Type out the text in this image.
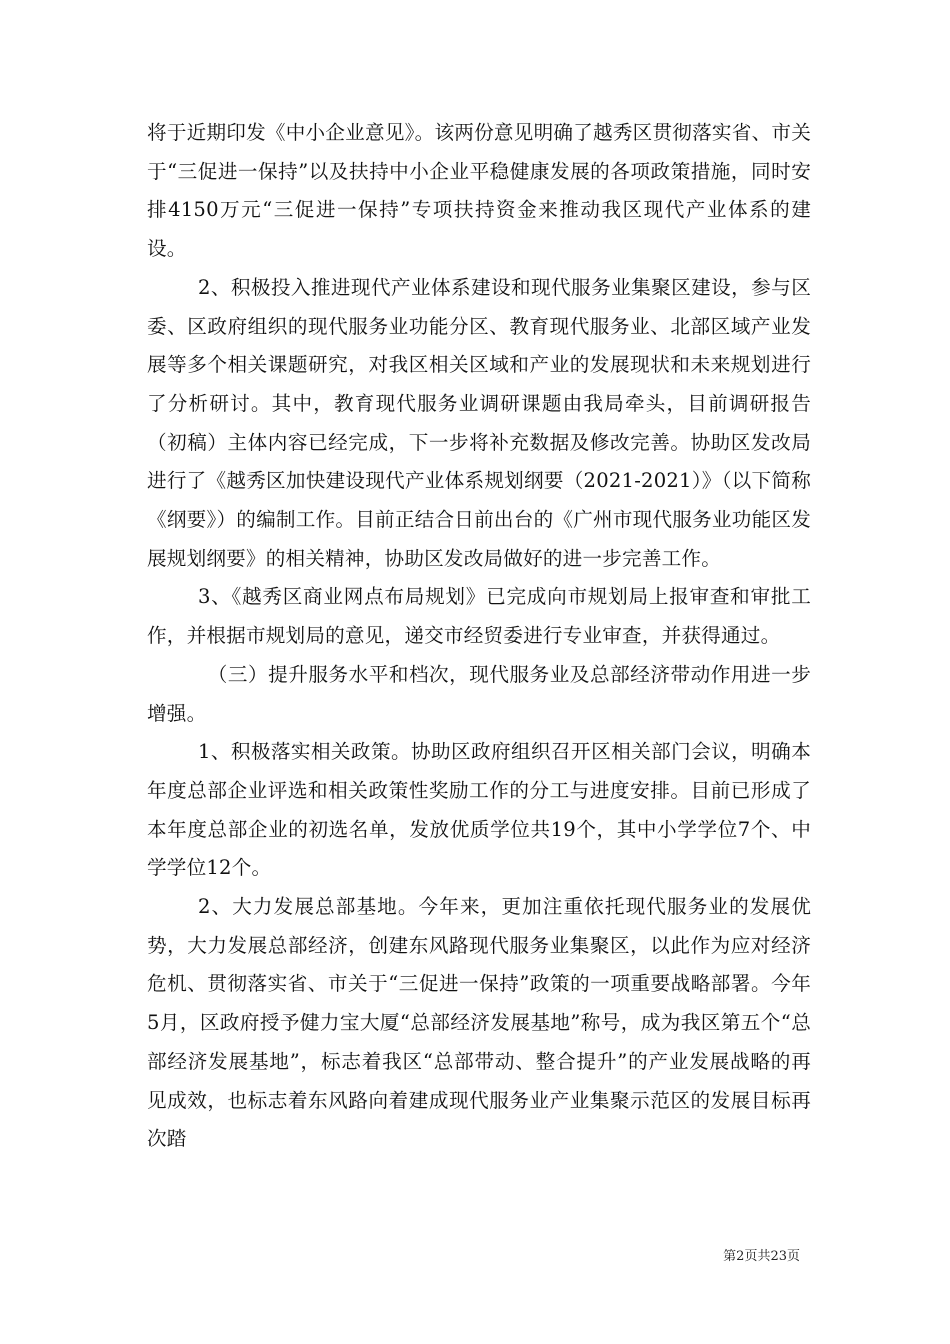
将于近期印发《中小企业意见》。该两份意见明确了越秀区贯彻落实省、市关于“三促进一保持”以及扶持中小企业平稳健康发展的各项政策措施，同时安排4150万元“三促进一保持”专项扶持资金来推动我区现代产业体系的建设。

2、积极投入推进现代产业体系建设和现代服务业集聚区建设，参与区委、区政府组织的现代服务业功能分区、教育现代服务业、北部区域产业发展等多个相关课题研究，对我区相关区域和产业的发展现状和未来规划进行了分析研讨。其中，教育现代服务业调研课题由我局牵头，目前调研报告（初稿）主体内容已经完成，下一步将补充数据及修改完善。协助区发改局进行了《越秀区加快建设现代产业体系规划纲要（2021-2021）》（以下简称《纲要》）的编制工作。目前正结合日前出台的《广州市现代服务业功能区发展规划纲要》的相关精神，协助区发改局做好的进一步完善工作。

3、《越秀区商业网点布局规划》已完成向市规划局上报审查和审批工作，并根据市规划局的意见，递交市经贸委进行专业审查，并获得通过。

（三）提升服务水平和档次，现代服务业及总部经济带动作用进一步增强。

1、积极落实相关政策。协助区政府组织召开区相关部门会议，明确本年度总部企业评选和相关政策性奖励工作的分工与进度安排。目前已形成了本年度总部企业的初选名单，发放优质学位共19个，其中小学学位7个、中学学位12个。

2、大力发展总部基地。今年来，更加注重依托现代服务业的发展优势，大力发展总部经济，创建东风路现代服务业集聚区，以此作为应对经济危机、贯彻落实省、市关于“三促进一保持”政策的一项重要战略部署。今年5月，区政府授予健力宝大厦“总部经济发展基地”称号，成为我区第五个“总部经济发展基地”，标志着我区“总部带动、整合提升”的产业发展战略的再见成效，也标志着东风路向着建成现代服务业产业集聚示范区的发展目标再次踏

第2页共23页
